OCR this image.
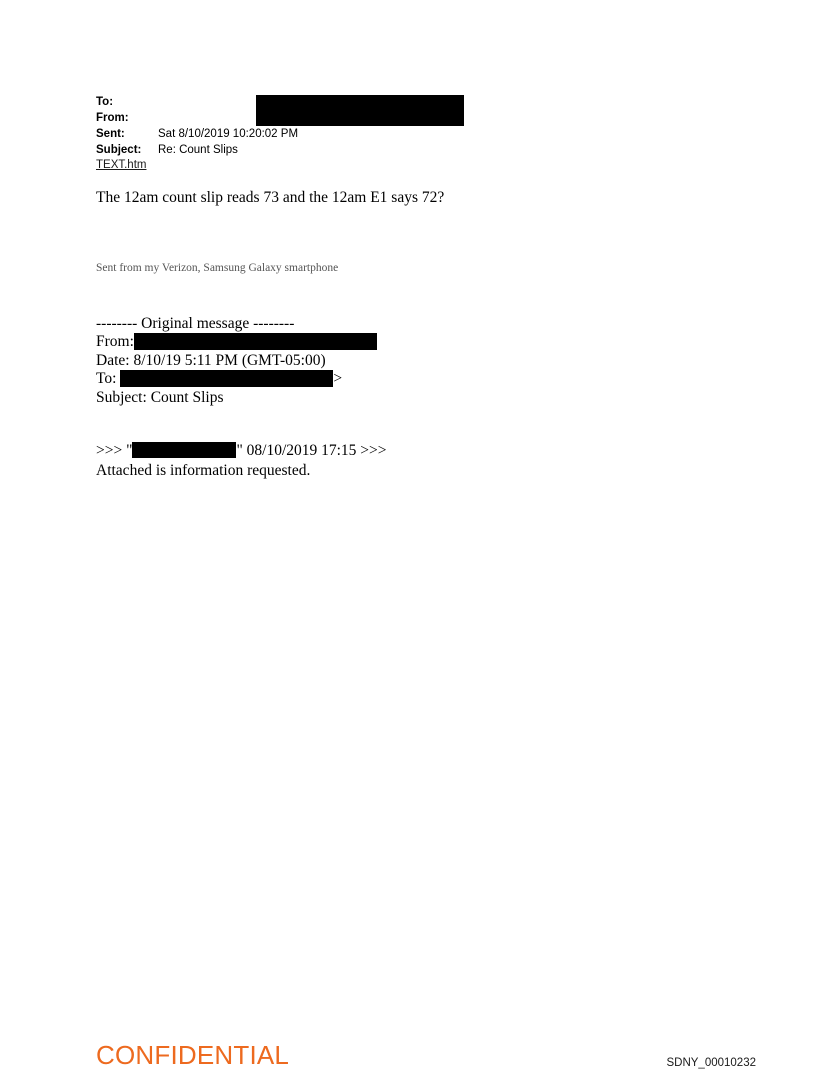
To:
From:
Sent:	Sat 8/10/2019 10:20:02 PM
Subject:	Re: Count Slips
TEXT.htm
The 12am count slip reads 73 and the 12am E1 says 72?
Sent from my Verizon, Samsung Galaxy smartphone
-------- Original message --------
From:
Date: 8/10/19 5:11 PM (GMT-05:00)
To:	>
Subject: Count Slips
>>> "	" 08/10/2019 17:15 >>>
Attached is information requested.
CONFIDENTIAL	SDNY_00010232
